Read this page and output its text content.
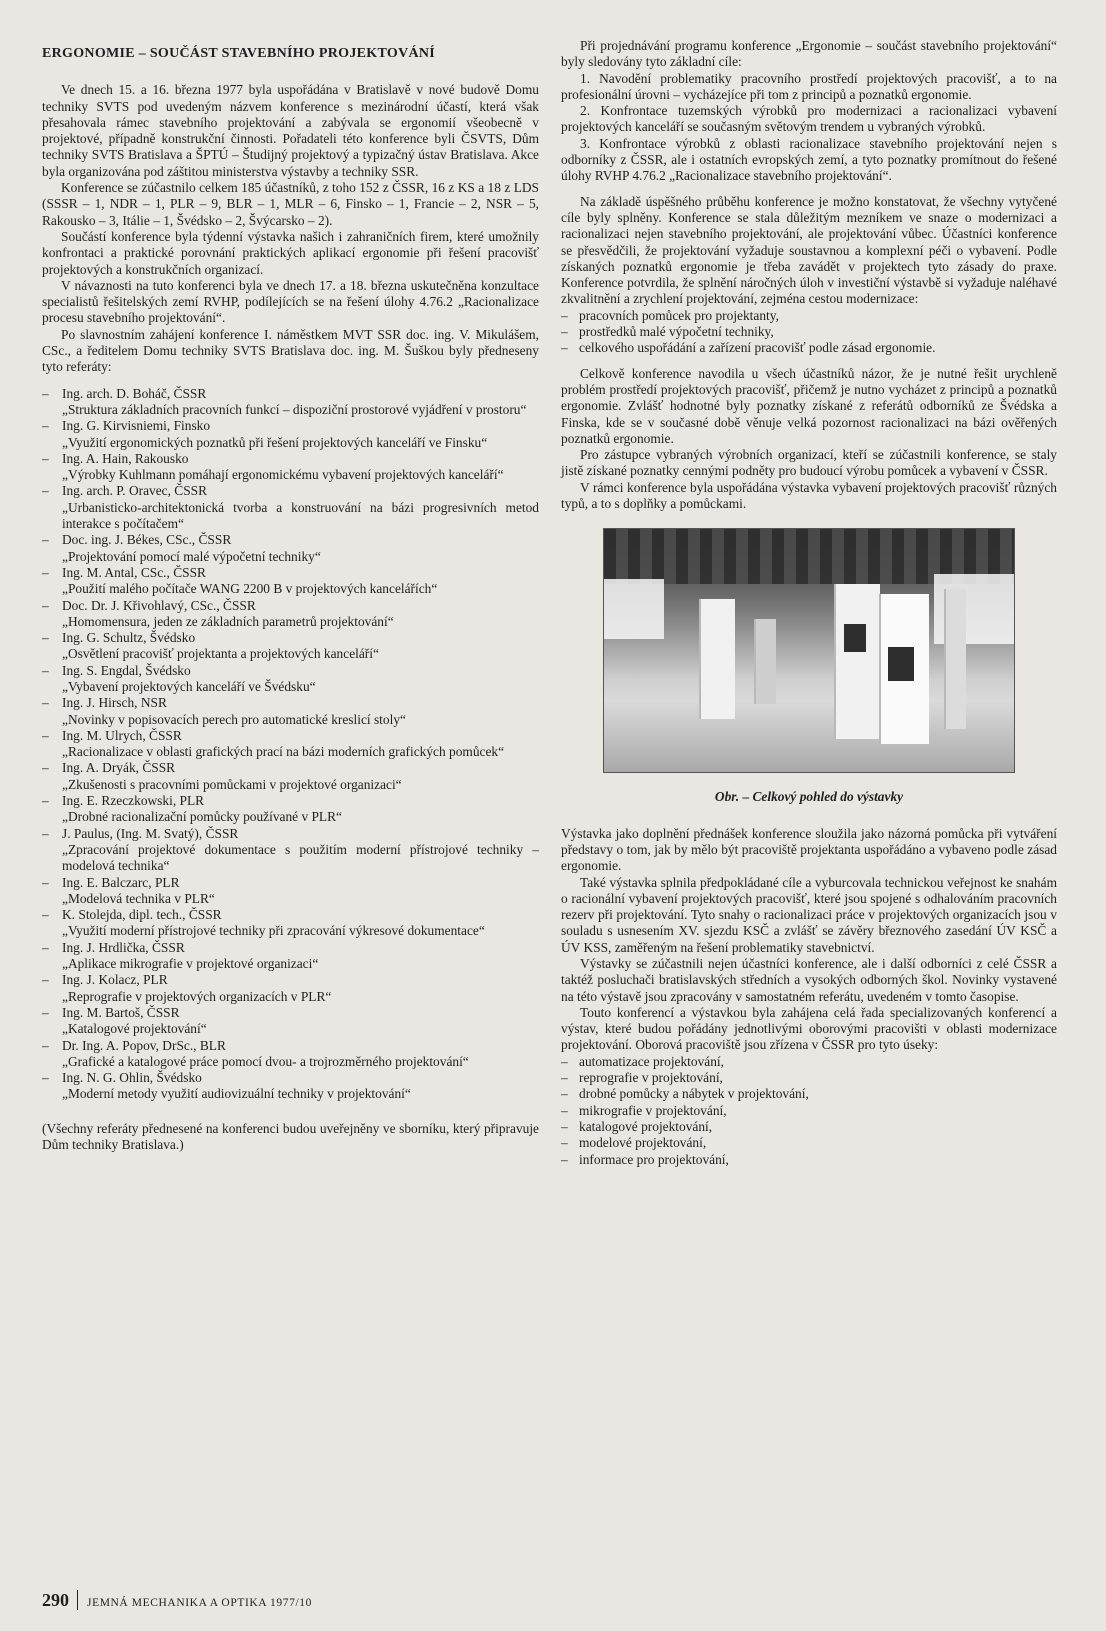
ERGONOMIE – SOUČÁST STAVEBNÍHO PROJEKTOVÁNÍ

Ve dnech 15. a 16. března 1977 byla uspořádána v Bratislavě v nové budově Domu techniky SVTS pod uvedeným názvem konference s mezinárodní účastí, která však přesahovala rámec stavebního projektování a zabývala se ergonomií všeobecně v projektové, případně konstrukční činnosti. Pořadateli této konference byli ČSVTS, Dům techniky SVTS Bratislava a ŠPTÚ – Študijný projektový a typizačný ústav Bratislava. Akce byla organizována pod záštitou ministerstva výstavby a techniky SSR.

Konference se zúčastnilo celkem 185 účastníků, z toho 152 z ČSSR, 16 z KS a 18 z LDS (SSSR – 1, NDR – 1, PLR – 9, BLR – 1, MLR – 6, Finsko – 1, Francie – 2, NSR – 5, Rakousko – 3, Itálie – 1, Švédsko – 2, Švýcarsko – 2).

Součástí konference byla týdenní výstavka našich i zahraničních firem, které umožnily konfrontaci a praktické porovnání praktických aplikací ergonomie při řešení pracovišť projektových a konstrukčních organizací.

V návaznosti na tuto konferenci byla ve dnech 17. a 18. března uskutečněna konzultace specialistů řešitelských zemí RVHP, podílejících se na řešení úlohy 4.76.2 „Racionalizace procesu stavebního projektování“.

Po slavnostním zahájení konference I. náměstkem MVT SSR doc. ing. V. Mikulášem, CSc., a ředitelem Domu techniky SVTS Bratislava doc. ing. M. Šuškou byly předneseny tyto referáty:

– Ing. arch. D. Boháč, ČSSR
„Struktura základních pracovních funkcí – dispoziční prostorové vyjádření v prostoru“
– Ing. G. Kirvisniemi, Finsko
„Využití ergonomických poznatků při řešení projektových kanceláří ve Finsku“
– Ing. A. Hain, Rakousko
„Výrobky Kuhlmann pomáhají ergonomickému vybavení projektových kanceláří“
– Ing. arch. P. Oravec, ČSSR
„Urbanisticko-architektonická tvorba a konstruování na bázi progresivních metod interakce s počítačem“
– Doc. ing. J. Békes, CSc., ČSSR
„Projektování pomocí malé výpočetní techniky“
– Ing. M. Antal, CSc., ČSSR
„Použití malého počítače WANG 2200 B v projektových kancelářích“
– Doc. Dr. J. Křivohlavý, CSc., ČSSR
„Homomensura, jeden ze základních parametrů projektování“
– Ing. G. Schultz, Švédsko
„Osvětlení pracovišť projektanta a projektových kanceláří“
– Ing. S. Engdal, Švédsko
„Vybavení projektových kanceláří ve Švédsku“
– Ing. J. Hirsch, NSR
„Novinky v popisovacích perech pro automatické kreslicí stoly“
– Ing. M. Ulrych, ČSSR
„Racionalizace v oblasti grafických prací na bázi moderních grafických pomůcek“
– Ing. A. Dryák, ČSSR
„Zkušenosti s pracovními pomůckami v projektové organizaci“
– Ing. E. Rzeczkowski, PLR
„Drobné racionalizační pomůcky používané v PLR“
– J. Paulus, (Ing. M. Svatý), ČSSR
„Zpracování projektové dokumentace s použitím moderní přístrojové techniky – modelová technika“
– Ing. E. Balczarc, PLR
„Modelová technika v PLR“
– K. Stolejda, dipl. tech., ČSSR
„Využití moderní přístrojové techniky při zpracování výkresové dokumentace“
– Ing. J. Hrdlička, ČSSR
„Aplikace mikrografie v projektové organizaci“
– Ing. J. Kolacz, PLR
„Reprografie v projektových organizacích v PLR“
– Ing. M. Bartoš, ČSSR
„Katalogové projektování“
– Dr. Ing. A. Popov, DrSc., BLR
„Grafické a katalogové práce pomocí dvou- a trojrozměrného projektování“
– Ing. N. G. Ohlin, Švédsko
„Moderní metody využití audiovizuální techniky v projektování“

(Všechny referáty přednesené na konferenci budou uveřejněny ve sborníku, který připravuje Dům techniky Bratislava.)

Při projednávání programu konference „Ergonomie – součást stavebního projektování“ byly sledovány tyto základní cíle:

1. Navodění problematiky pracovního prostředí projektových pracovišť, a to na profesionální úrovni – vycházejíce při tom z principů a poznatků ergonomie.

2. Konfrontace tuzemských výrobků pro modernizaci a racionalizaci vybavení projektových kanceláří se současným světovým trendem u vybraných výrobků.

3. Konfrontace výrobků z oblasti racionalizace stavebního projektování nejen s odborníky z ČSSR, ale i ostatních evropských zemí, a tyto poznatky promítnout do řešené úlohy RVHP 4.76.2 „Racionalizace stavebního projektování“.

Na základě úspěšného průběhu konference je možno konstatovat, že všechny vytyčené cíle byly splněny. Konference se stala důležitým mezníkem ve snaze o modernizaci a racionalizaci nejen stavebního projektování, ale projektování vůbec. Účastníci konference se přesvědčili, že projektování vyžaduje soustavnou a komplexní péči o vybavení. Podle získaných poznatků ergonomie je třeba zavádět v projektech tyto zásady do praxe. Konference potvrdila, že splnění náročných úloh v investiční výstavbě si vyžaduje naléhavé zkvalitnění a zrychlení projektování, zejména cestou modernizace:

– pracovních pomůcek pro projektanty,
– prostředků malé výpočetní techniky,
– celkového uspořádání a zařízení pracovišť podle zásad ergonomie.

Celkově konference navodila u všech účastníků názor, že je nutné řešit urychleně problém prostředí projektových pracovišť, přičemž je nutno vycházet z principů a poznatků ergonomie. Zvlášť hodnotné byly poznatky získané z referátů odborníků ze Švédska a Finska, kde se v současné době věnuje velká pozornost racionalizaci na bázi ověřených poznatků ergonomie.

Pro zástupce vybraných výrobních organizací, kteří se zúčastnili konference, se staly jistě získané poznatky cennými podněty pro budoucí výrobu pomůcek a vybavení v ČSSR.

V rámci konference byla uspořádána výstavka vybavení projektových pracovišť různých typů, a to s doplňky a pomůckami.

Obr. – Celkový pohled do výstavky

Výstavka jako doplnění přednášek konference sloužila jako názorná pomůcka při vytváření představy o tom, jak by mělo být pracoviště projektanta uspořádáno a vybaveno podle zásad ergonomie.

Také výstavka splnila předpokládané cíle a vyburcovala technickou veřejnost ke snahám o racionální vybavení projektových pracovišť, které jsou spojené s odhalováním pracovních rezerv při projektování. Tyto snahy o racionalizaci práce v projektových organizacích jsou v souladu s usnesením XV. sjezdu KSČ a zvlášť se závěry březnového zasedání ÚV KSČ a ÚV KSS, zaměřeným na řešení problematiky stavebnictví.

Výstavky se zúčastnili nejen účastníci konference, ale i další odborníci z celé ČSSR a taktéž posluchači bratislavských středních a vysokých odborných škol. Novinky vystavené na této výstavě jsou zpracovány v samostatném referátu, uvedeném v tomto časopise.

Touto konferencí a výstavkou byla zahájena celá řada specializovaných konferencí a výstav, které budou pořádány jednotlivými oborovými pracovišti v oblasti modernizace projektování. Oborová pracoviště jsou zřízena v ČSSR pro tyto úseky:

– automatizace projektování,
– reprografie v projektování,
– drobné pomůcky a nábytek v projektování,
– mikrografie v projektování,
– katalogové projektování,
– modelové projektování,
– informace pro projektování,
290 JEMNÁ MECHANIKA A OPTIKA 1977/10
